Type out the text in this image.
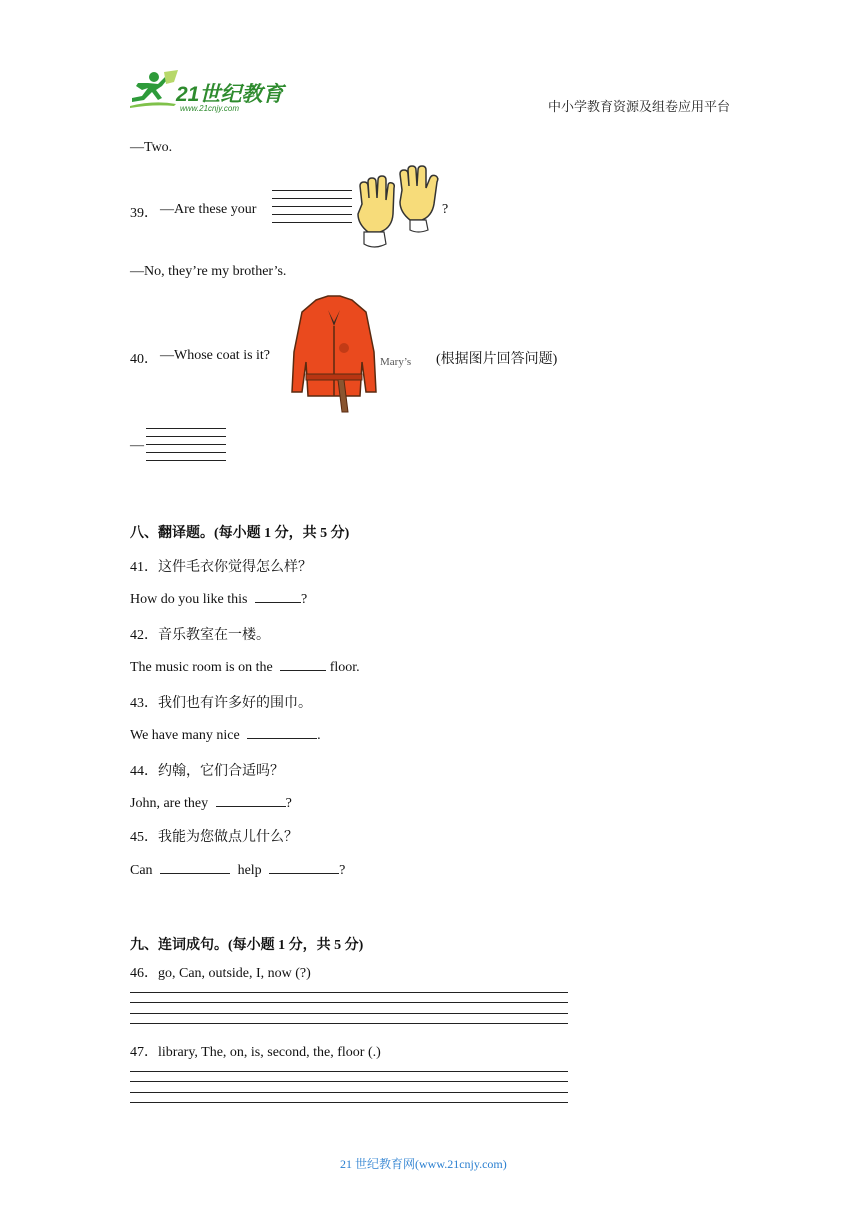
21世纪教育
www.21cnjy.com	中小学教育资源及组卷应用平台
—Two.
39． —Are these your	?
—No, they’re my brother’s.
40． —Whose coat is it?	Mary’s (根据图片回答问题)
—
八、翻译题。(每小题 1 分，共 5 分)
41．这件毛衣你觉得怎么样？
How do you like this	?
42．音乐教室在一楼。
The music room is on the	floor.
43．我们也有许多好的围巾。
We have many nice	.
44．约翰，它们合适吗？
John, are they	?
45．我能为您做点儿什么？
Can	help	?
九、连词成句。(每小题 1 分，共 5 分)
46．go, Can, outside, I, now (?)
47．library, The, on, is, second, the, floor (.)
21 世纪教育网(www.21cnjy.com)
